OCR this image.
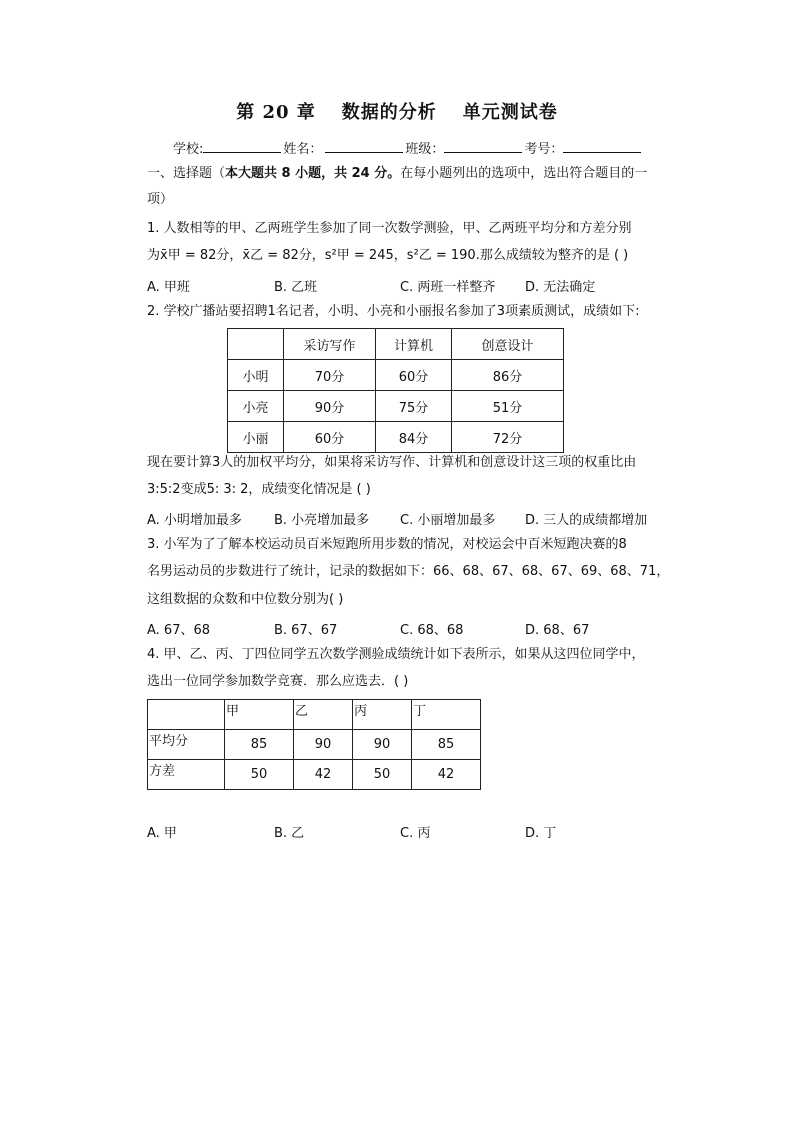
第 20 章 数据的分析 单元测试卷
学校:	姓名：	班级：	考号：
一、选择题（本大题共 8 小题，共 24 分。在每小题列出的选项中，选出符合题目的一
项）
1. 人数相等的甲、乙两班学生参加了同一次数学测验，甲、乙两班平均分和方差分别
为x̄甲 = 82分，x̄乙 = 82分，s²甲 = 245，s²乙 = 190.那么成绩较为整齐的是 ( )
A. 甲班	B. 乙班	C. 两班一样整齐 D. 无法确定
2. 学校广播站要招聘1名记者，小明、小亮和小丽报名参加了3项素质测试，成绩如下:
	采访写作	计算机	创意设计
小明	70分	60分	86分
小亮	90分	75分	51分
小丽	60分	84分	72分
现在要计算3人的加权平均分，如果将采访写作、计算机和创意设计这三项的权重比由
3:5:2变成5: 3: 2，成绩变化情况是 ( )
A. 小明增加最多 B. 小亮增加最多 C. 小丽增加最多 D. 三人的成绩都增加
3. 小军为了了解本校运动员百米短跑所用步数的情况，对校运会中百米短跑决赛的8
名男运动员的步数进行了统计，记录的数据如下：66、68、67、68、67、69、68、71，
这组数据的众数和中位数分别为( )
A. 67、68	B. 67、67	C. 68、68	D. 68、67
4. 甲、乙、丙、丁四位同学五次数学测验成绩统计如下表所示，如果从这四位同学中，
选出一位同学参加数学竞赛．那么应选去．( )
	甲	乙	丙	丁
平均分	85	90	90	85
方差	50	42	50	42
A. 甲	B. 乙	C. 丙	D. 丁
